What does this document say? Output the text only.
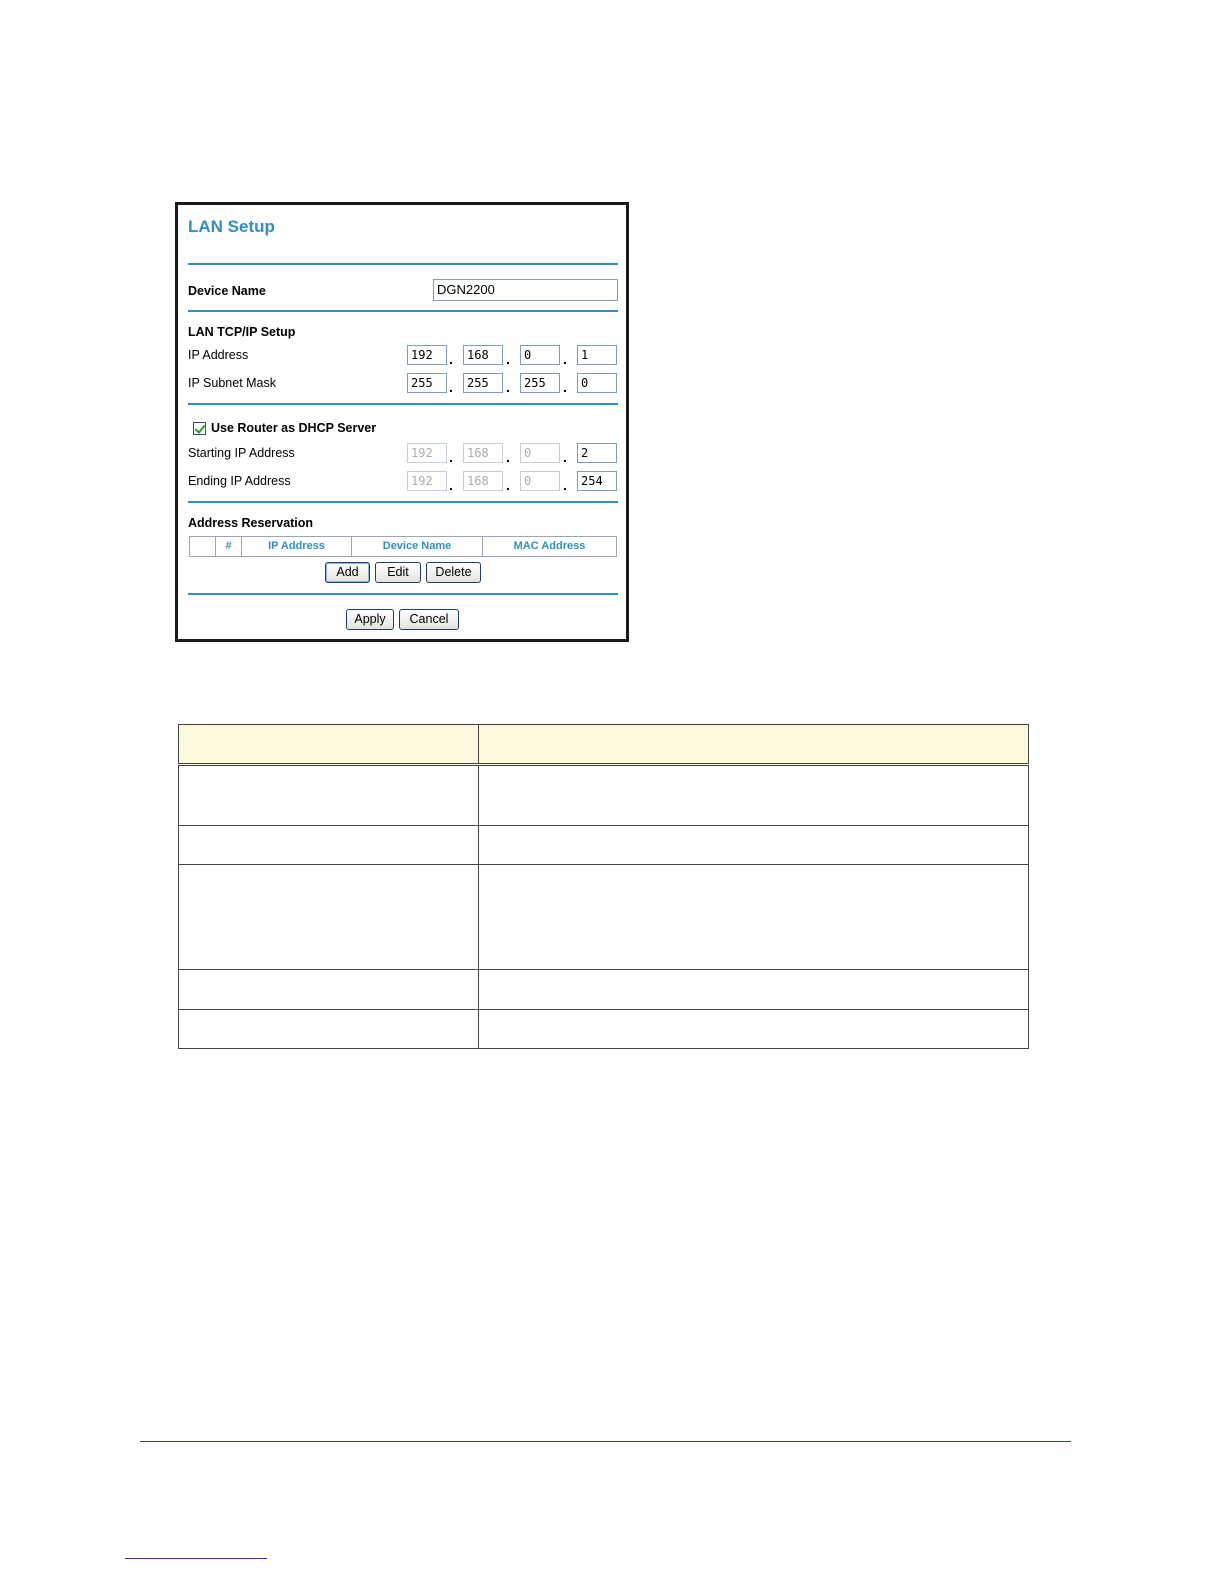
LAN Setup
Device Name	DGN2200
LAN TCP/IP Setup
IP Address	192	.	168	.	0	.	1
IP Subnet Mask	255	.	255	.	255	.	0
Use Router as DHCP Server
Starting IP Address	192	.	168	.	0	.	2
Ending IP Address	192	.	168	.	0	.	254
Address Reservation
#	IP Address	Device Name	MAC Address
Add	Edit	Delete
Apply	Cancel
